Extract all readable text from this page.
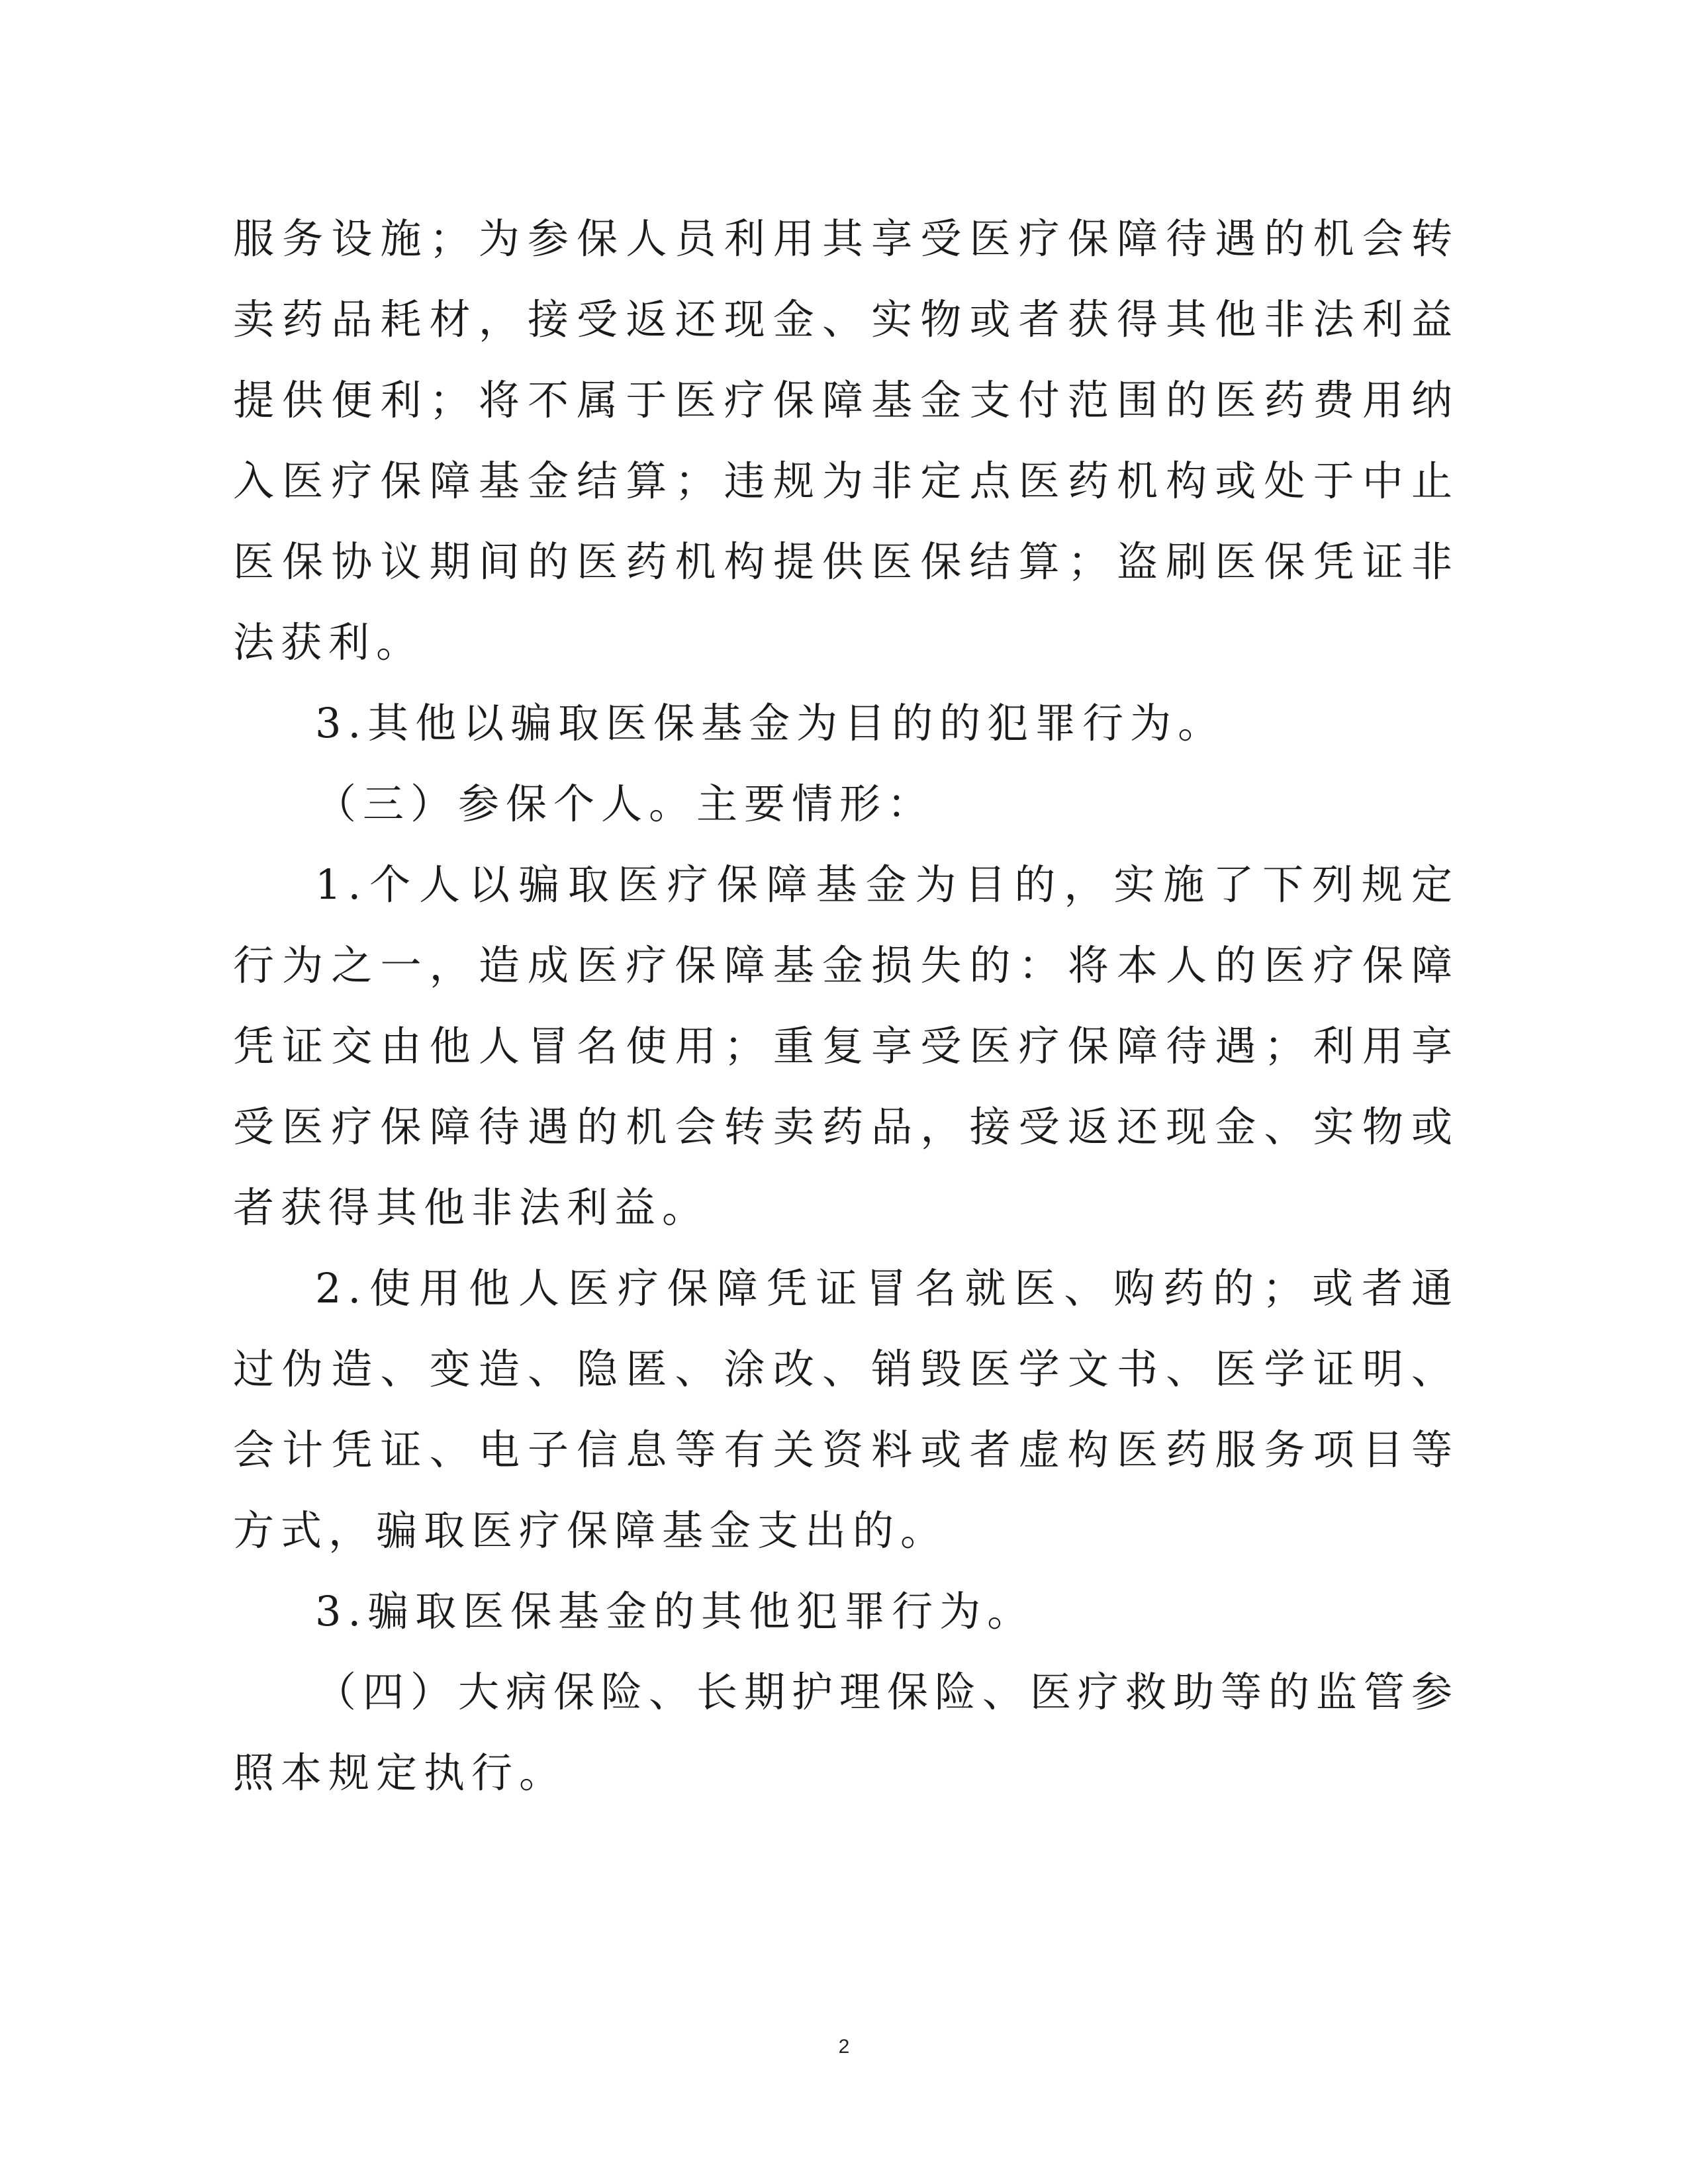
服务设施；为参保人员利用其享受医疗保障待遇的机会转卖药品耗材，接受返还现金、实物或者获得其他非法利益提供便利；将不属于医疗保障基金支付范围的医药费用纳入医疗保障基金结算；违规为非定点医药机构或处于中止医保协议期间的医药机构提供医保结算；盗刷医保凭证非法获利。

3.其他以骗取医保基金为目的的犯罪行为。

（三）参保个人。主要情形：

1.个人以骗取医疗保障基金为目的，实施了下列规定行为之一，造成医疗保障基金损失的：将本人的医疗保障凭证交由他人冒名使用；重复享受医疗保障待遇；利用享受医疗保障待遇的机会转卖药品，接受返还现金、实物或者获得其他非法利益。

2.使用他人医疗保障凭证冒名就医、购药的；或者通过伪造、变造、隐匿、涂改、销毁医学文书、医学证明、会计凭证、电子信息等有关资料或者虚构医药服务项目等方式，骗取医疗保障基金支出的。

3.骗取医保基金的其他犯罪行为。

（四）大病保险、长期护理保险、医疗救助等的监管参照本规定执行。

2
